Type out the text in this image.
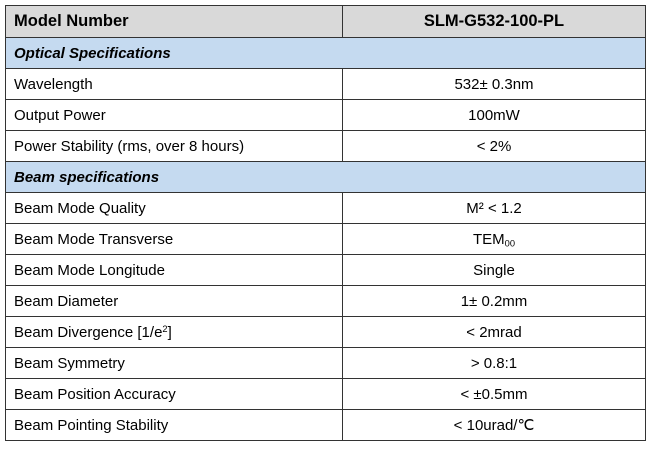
Model Number	SLM-G532-100-PL
Optical Specifications	
Wavelength	532± 0.3nm
Output Power	100mW
Power Stability (rms, over 8 hours)	< 2%
Beam specifications	
Beam Mode Quality	M² < 1.2
Beam Mode Transverse	$TEM_{00}$
Beam Mode Longitude	Single
Beam Diameter	1± 0.2mm
Beam Divergence $[1/e^2]$	< 2mrad
Beam Symmetry	> 0.8:1
Beam Position Accuracy	< ±0.5mm
Beam Pointing Stability	< 10urad/℃
